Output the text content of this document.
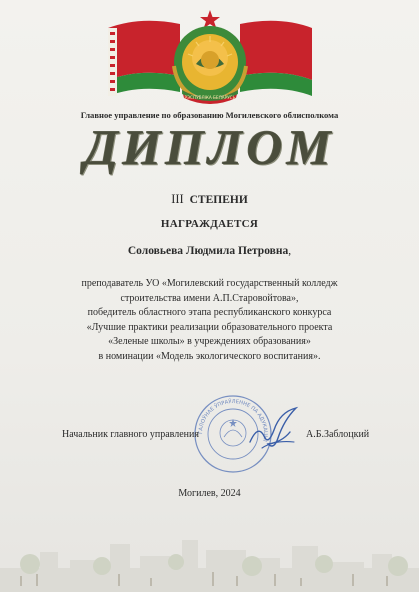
РЭСПУБЛІКА БЕЛАРУСЬ
Главное управление по образованию Могилевского облисполкома
ДИПЛОМ
III СТЕПЕНИ
НАГРАЖДАЕТСЯ
Соловьева Людмила Петровна,
преподаватель УО «Могилевский государственный колледж
строительства имени А.П.Старовойтова»,
победитель областного этапа республиканского конкурса
«Лучшие практики реализации образовательного проекта
«Зеленые школы» в учреждениях образования»
в номинации «Модель экологического воспитания».
ГАЛОЎНАЕ ЎПРАЎЛЕННЕ ПА АДУКАЦЫІ
Начальник главного управления	А.Б.Заблоцкий
Могилев, 2024
